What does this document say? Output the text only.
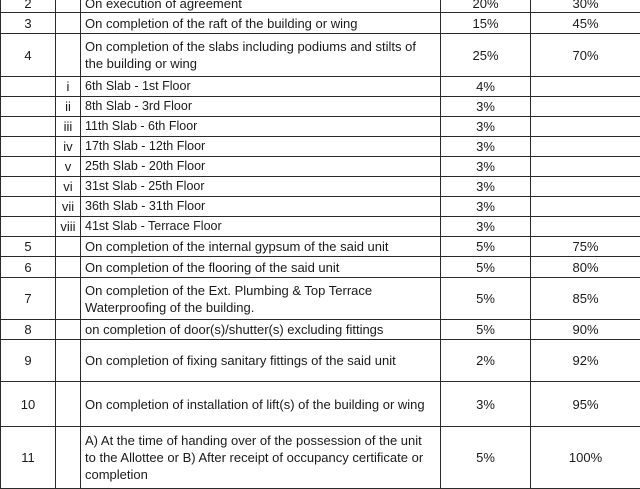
2		On execution of agreement	20%	30%
3		On completion of the raft of the building or wing	15%	45%
4		On completion of the slabs including podiums and stilts of the building or wing	25%	70%
	i	6th Slab - 1st Floor	4%	
	ii	8th Slab - 3rd Floor	3%	
	iii	11th Slab - 6th Floor	3%	
	iv	17th Slab - 12th Floor	3%	
	v	25th Slab - 20th Floor	3%	
	vi	31st Slab - 25th Floor	3%	
	vii	36th Slab - 31th Floor	3%	
	viii	41st Slab - Terrace Floor	3%	
5		On completion of the internal gypsum of the said unit	5%	75%
6		On completion of the flooring of the said unit	5%	80%
7		On completion of the Ext. Plumbing & Top Terrace Waterproofing of the building.	5%	85%
8		on completion of door(s)/shutter(s) excluding fittings	5%	90%
9		On completion of fixing sanitary fittings of the said unit	2%	92%
10		On completion of installation of lift(s) of the building or wing	3%	95%
11		A) At the time of handing over of the possession of the unit to the Allottee or B) After receipt of occupancy certificate or completion	5%	100%
